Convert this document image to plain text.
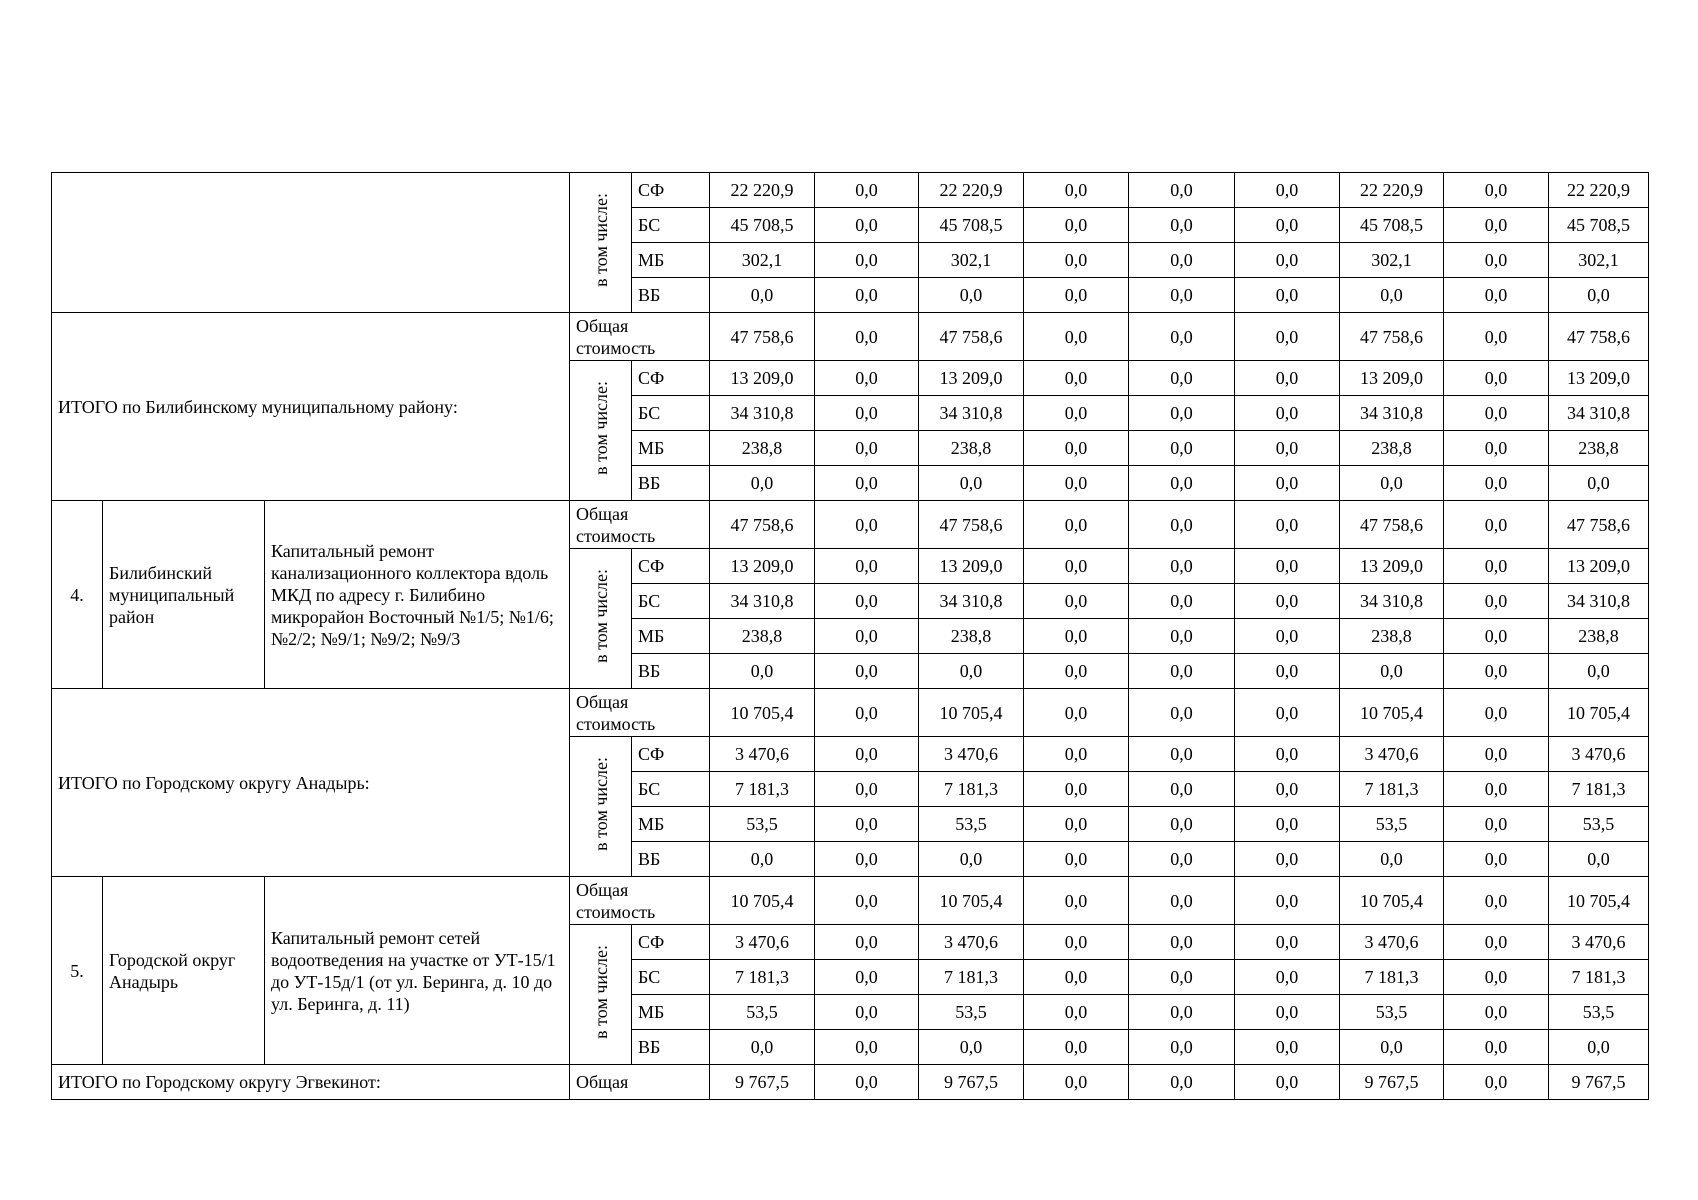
			в том числе:	СФ	22 220,9	0,0	22 220,9	0,0	0,0	0,0	22 220,9	0,0	22 220,9
				БС	45 708,5	0,0	45 708,5	0,0	0,0	0,0	45 708,5	0,0	45 708,5
				МБ	302,1	0,0	302,1	0,0	0,0	0,0	302,1	0,0	302,1
				ВБ	0,0	0,0	0,0	0,0	0,0	0,0	0,0	0,0	0,0
ИТОГО по Билибинскому муниципальному району:			Общая стоимость		47 758,6	0,0	47 758,6	0,0	0,0	0,0	47 758,6	0,0	47 758,6
			в том числе:	СФ	13 209,0	0,0	13 209,0	0,0	0,0	0,0	13 209,0	0,0	13 209,0
				БС	34 310,8	0,0	34 310,8	0,0	0,0	0,0	34 310,8	0,0	34 310,8
				МБ	238,8	0,0	238,8	0,0	0,0	0,0	238,8	0,0	238,8
				ВБ	0,0	0,0	0,0	0,0	0,0	0,0	0,0	0,0	0,0
4.	Билибинский муниципальный район	Капитальный ремонт канализационного коллектора вдоль МКД по адресу г. Билибино микрорайон Восточный №1/5; №1/6; №2/2; №9/1; №9/2; №9/3	Общая стоимость		47 758,6	0,0	47 758,6	0,0	0,0	0,0	47 758,6	0,0	47 758,6
			в том числе:	СФ	13 209,0	0,0	13 209,0	0,0	0,0	0,0	13 209,0	0,0	13 209,0
				БС	34 310,8	0,0	34 310,8	0,0	0,0	0,0	34 310,8	0,0	34 310,8
				МБ	238,8	0,0	238,8	0,0	0,0	0,0	238,8	0,0	238,8
				ВБ	0,0	0,0	0,0	0,0	0,0	0,0	0,0	0,0	0,0
ИТОГО по Городскому округу Анадырь:			Общая стоимость		10 705,4	0,0	10 705,4	0,0	0,0	0,0	10 705,4	0,0	10 705,4
			в том числе:	СФ	3 470,6	0,0	3 470,6	0,0	0,0	0,0	3 470,6	0,0	3 470,6
				БС	7 181,3	0,0	7 181,3	0,0	0,0	0,0	7 181,3	0,0	7 181,3
				МБ	53,5	0,0	53,5	0,0	0,0	0,0	53,5	0,0	53,5
				ВБ	0,0	0,0	0,0	0,0	0,0	0,0	0,0	0,0	0,0
5.	Городской округ Анадырь	Капитальный ремонт сетей водоотведения на участке от УТ-15/1 до УТ-15д/1 (от ул. Беринга, д. 10 до ул. Беринга, д. 11)	Общая стоимость		10 705,4	0,0	10 705,4	0,0	0,0	0,0	10 705,4	0,0	10 705,4
			в том числе:	СФ	3 470,6	0,0	3 470,6	0,0	0,0	0,0	3 470,6	0,0	3 470,6
				БС	7 181,3	0,0	7 181,3	0,0	0,0	0,0	7 181,3	0,0	7 181,3
				МБ	53,5	0,0	53,5	0,0	0,0	0,0	53,5	0,0	53,5
				ВБ	0,0	0,0	0,0	0,0	0,0	0,0	0,0	0,0	0,0
ИТОГО по Городскому округу Эгвекинот:			Общая		9 767,5	0,0	9 767,5	0,0	0,0	0,0	9 767,5	0,0	9 767,5
